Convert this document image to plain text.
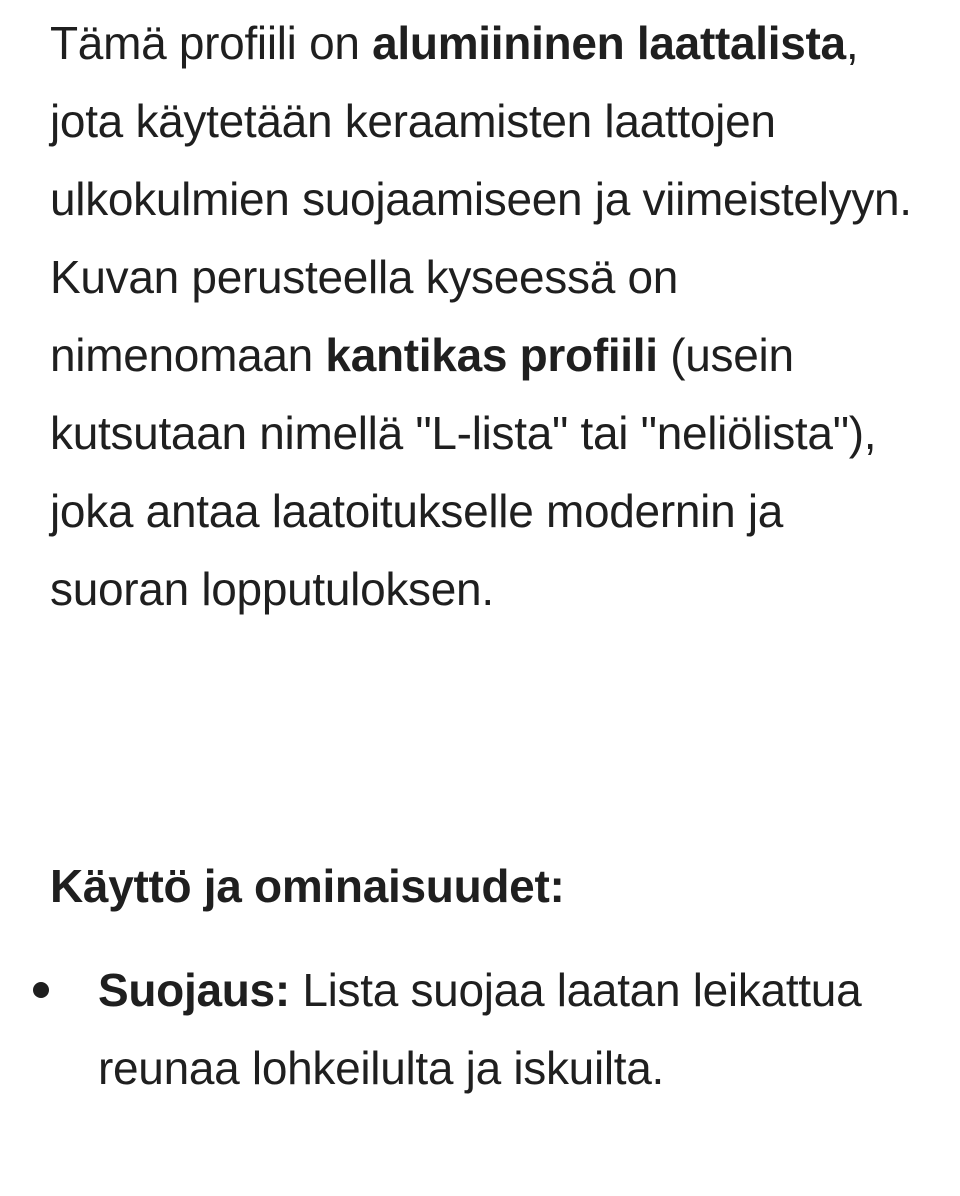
Tämä profiili on alumiininen laattalista, jota käytetään keraamisten laattojen ulkokulmien suojaamiseen ja viimeistelyyn. Kuvan perusteella kyseessä on nimenomaan kantikas profiili (usein kutsutaan nimellä "L-lista" tai "neliölista"), joka antaa laatoitukselle modernin ja suoran lopputuloksen.

Käyttö ja ominaisuudet:
Suojaus: Lista suojaa laatan leikattua reunaa lohkeilulta ja iskuilta.
